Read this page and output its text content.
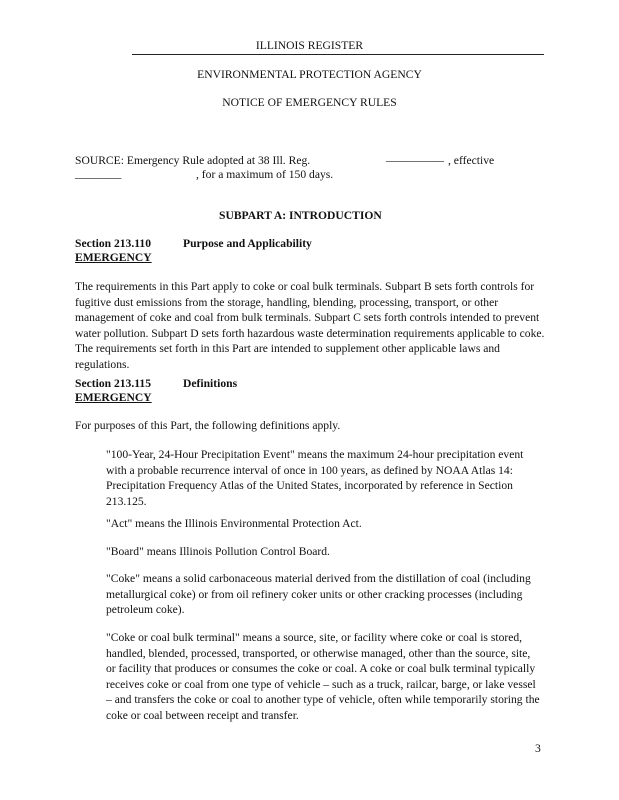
ILLINOIS REGISTER
ENVIRONMENTAL PROTECTION AGENCY
NOTICE OF EMERGENCY RULES
SOURCE: Emergency Rule adopted at 38 Ill. Reg.	__________ , effective
________	, for a maximum of 150 days.
SUBPART A: INTRODUCTION
Section 213.110	Purpose and Applicability
EMERGENCY
The requirements in this Part apply to coke or coal bulk terminals. Subpart B sets forth controls for fugitive dust emissions from the storage, handling, blending, processing, transport, or other management of coke and coal from bulk terminals. Subpart C sets forth controls intended to prevent water pollution. Subpart D sets forth hazardous waste determination requirements applicable to coke. The requirements set forth in this Part are intended to supplement other applicable laws and regulations.
Section 213.115	Definitions
EMERGENCY
For purposes of this Part, the following definitions apply.
"100-Year, 24-Hour Precipitation Event" means the maximum 24-hour precipitation event with a probable recurrence interval of once in 100 years, as defined by NOAA Atlas 14: Precipitation Frequency Atlas of the United States, incorporated by reference in Section 213.125.
"Act" means the Illinois Environmental Protection Act.
"Board" means Illinois Pollution Control Board.
"Coke" means a solid carbonaceous material derived from the distillation of coal (including metallurgical coke) or from oil refinery coker units or other cracking processes (including petroleum coke).
"Coke or coal bulk terminal" means a source, site, or facility where coke or coal is stored, handled, blended, processed, transported, or otherwise managed, other than the source, site, or facility that produces or consumes the coke or coal. A coke or coal bulk terminal typically receives coke or coal from one type of vehicle – such as a truck, railcar, barge, or lake vessel – and transfers the coke or coal to another type of vehicle, often while temporarily storing the coke or coal between receipt and transfer.
3
